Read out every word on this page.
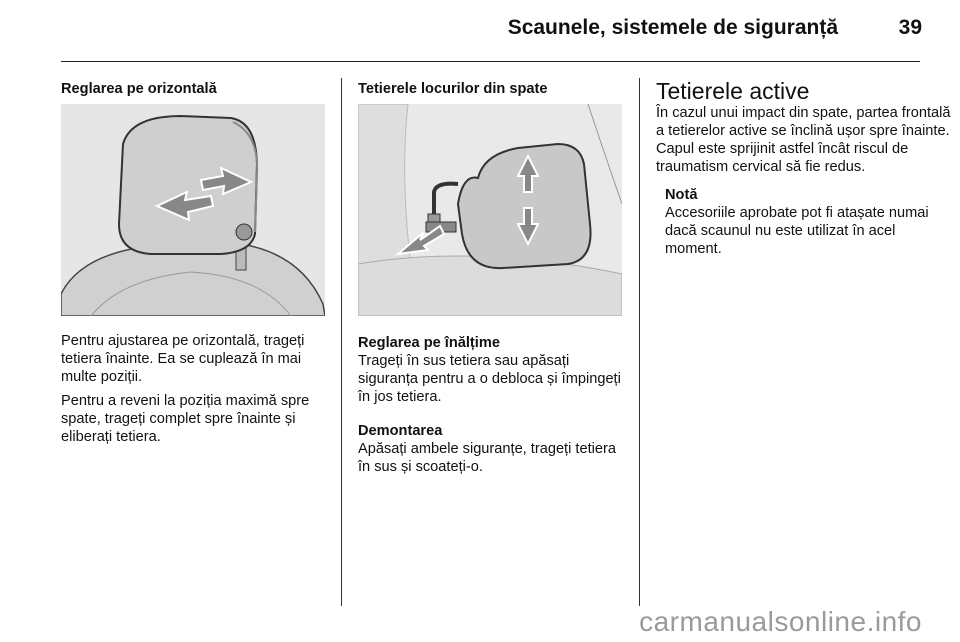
Scaunele, sistemele de siguranță	39

Reglarea pe orizontală

Pentru ajustarea pe orizontală, trageți tetiera înainte. Ea se cuplează în mai multe poziții.

Pentru a reveni la poziția maximă spre spate, trageți complet spre înainte și eliberați tetiera.

Tetierele locurilor din spate

Reglarea pe înălțime

Trageți în sus tetiera sau apăsați siguranța pentru a o debloca și împingeți în jos tetiera.

Demontarea

Apăsați ambele siguranțe, trageți tetiera în sus și scoateți-o.

Tetierele active

În cazul unui impact din spate, partea frontală a tetierelor active se înclină ușor spre înainte. Capul este sprijinit astfel încât riscul de traumatism cervical să fie redus.

Notă

Accesoriile aprobate pot fi atașate numai dacă scaunul nu este utilizat în acel moment.

carmanualsonline.info
